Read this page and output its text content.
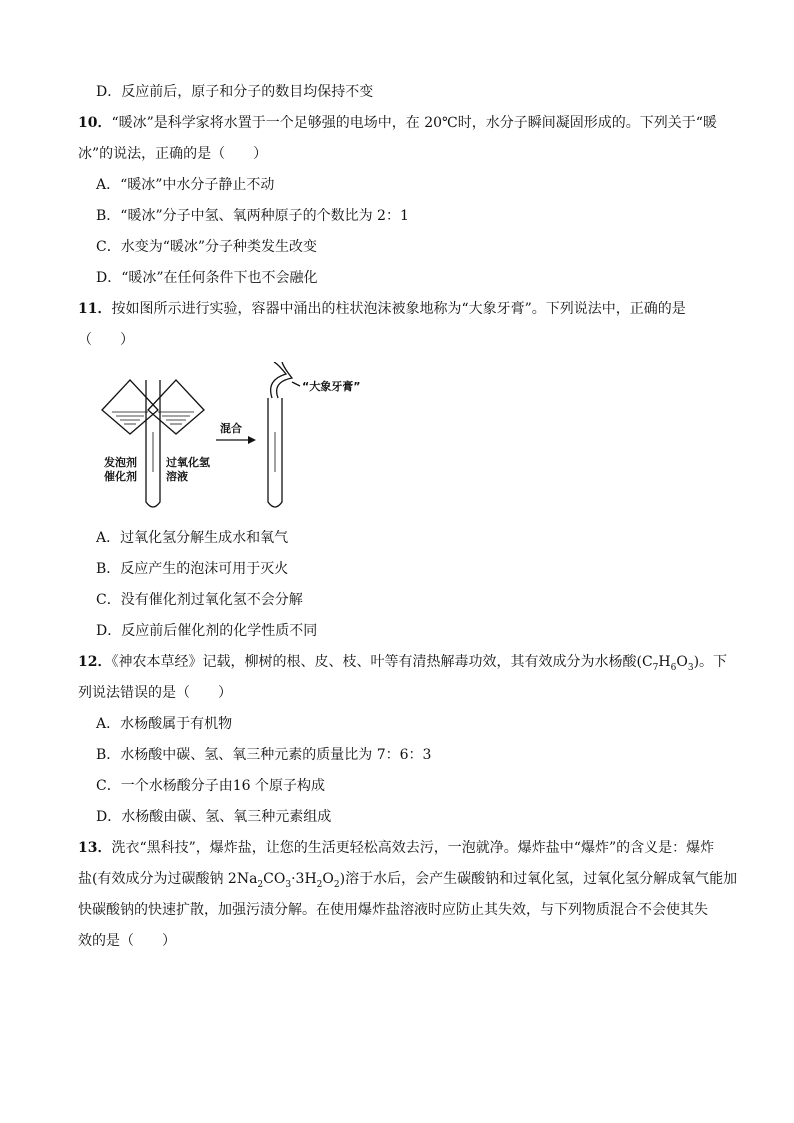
D．反应前后，原子和分子的数目均保持不变
10．“暖冰”是科学家将水置于一个足够强的电场中，在 20℃时，水分子瞬间凝固形成的。下列关于“暖
冰”的说法，正确的是（　　）
A．“暖冰”中水分子静止不动
B．“暖冰”分子中氢、氧两种原子的个数比为 2：1
C．水变为“暖冰”分子种类发生改变
D．“暖冰”在任何条件下也不会融化
11．按如图所示进行实验，容器中涌出的柱状泡沫被象地称为“大象牙膏”。下列说法中，正确的是
（　　）
“大象牙膏”
混合
发泡剂
催化剂
过氧化氢
溶液
A．过氧化氢分解生成水和氧气
B．反应产生的泡沫可用于灭火
C．没有催化剂过氧化氢不会分解
D．反应前后催化剂的化学性质不同
12．《神农本草经》记载，柳树的根、皮、枝、叶等有清热解毒功效，其有效成分为水杨酸$(C_7H_6O_3)$。下
列说法错误的是（　　）
A．水杨酸属于有机物
B．水杨酸中碳、氢、氧三种元素的质量比为 7：6：3
C．一个水杨酸分子由16 个原子构成
D．水杨酸由碳、氢、氧三种元素组成
13．洗衣“黑科技”，爆炸盐，让您的生活更轻松高效去污，一泡就净。爆炸盐中“爆炸”的含义是：爆炸
盐(有效成分为过碳酸钠 $2Na_2CO_3\cdot 3H_2O_2$)溶于水后，会产生碳酸钠和过氧化氢，过氧化氢分解成氧气能加
快碳酸钠的快速扩散，加强污渍分解。在使用爆炸盐溶液时应防止其失效，与下列物质混合不会使其失
效的是（　　）
